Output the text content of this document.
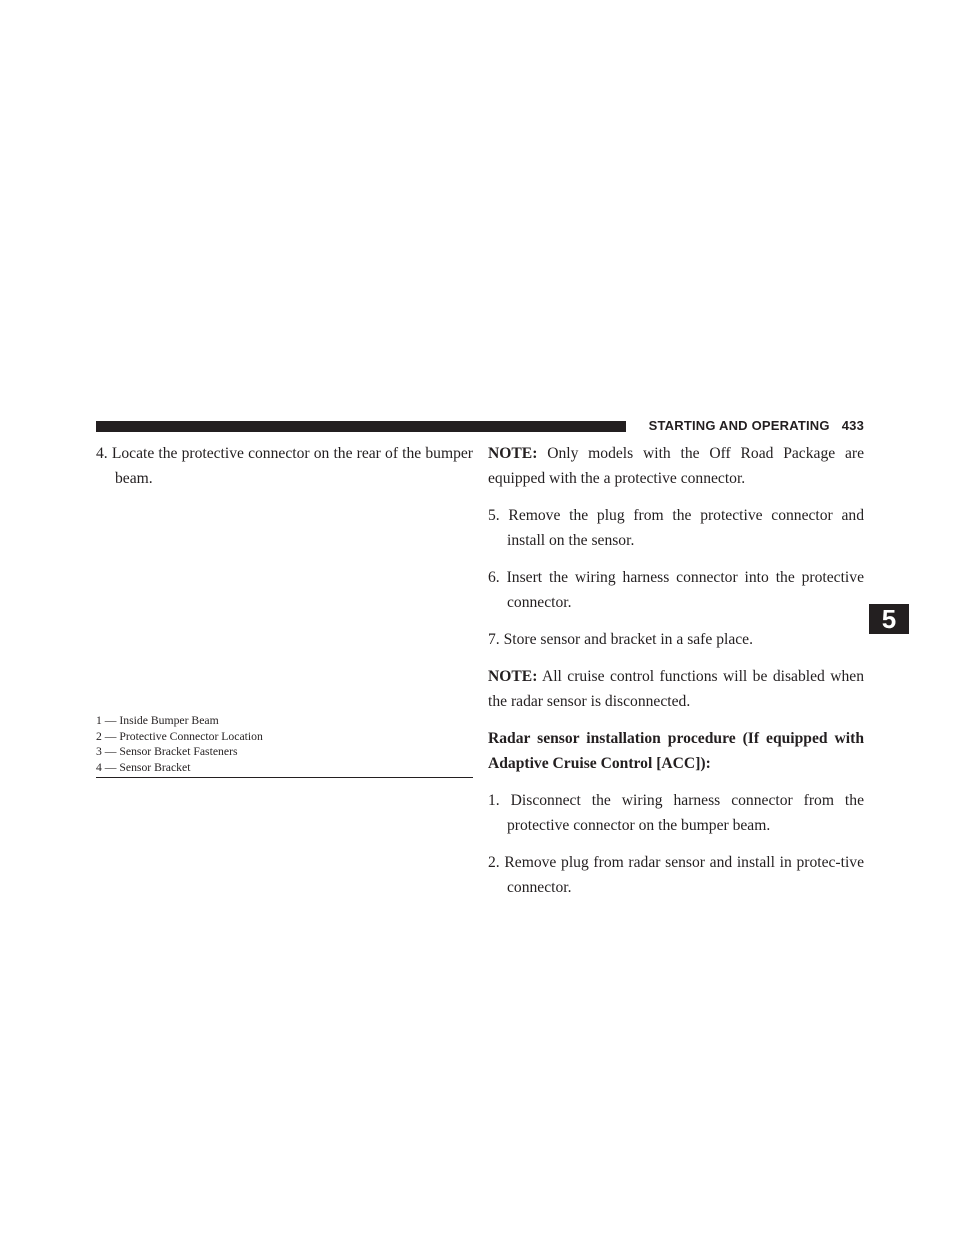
STARTING AND OPERATING 433

4. Locate the protective connector on the rear of the bumper beam.

1 — Inside Bumper Beam
2 — Protective Connector Location
3 — Sensor Bracket Fasteners
4 — Sensor Bracket

NOTE: Only models with the Off Road Package are equipped with the a protective connector.

5. Remove the plug from the protective connector and install on the sensor.

6. Insert the wiring harness connector into the protective connector.

7. Store sensor and bracket in a safe place.

NOTE: All cruise control functions will be disabled when the radar sensor is disconnected.

Radar sensor installation procedure (If equipped with Adaptive Cruise Control [ACC]):

1. Disconnect the wiring harness connector from the protective connector on the bumper beam.

2. Remove plug from radar sensor and install in protec-tive connector.

5
